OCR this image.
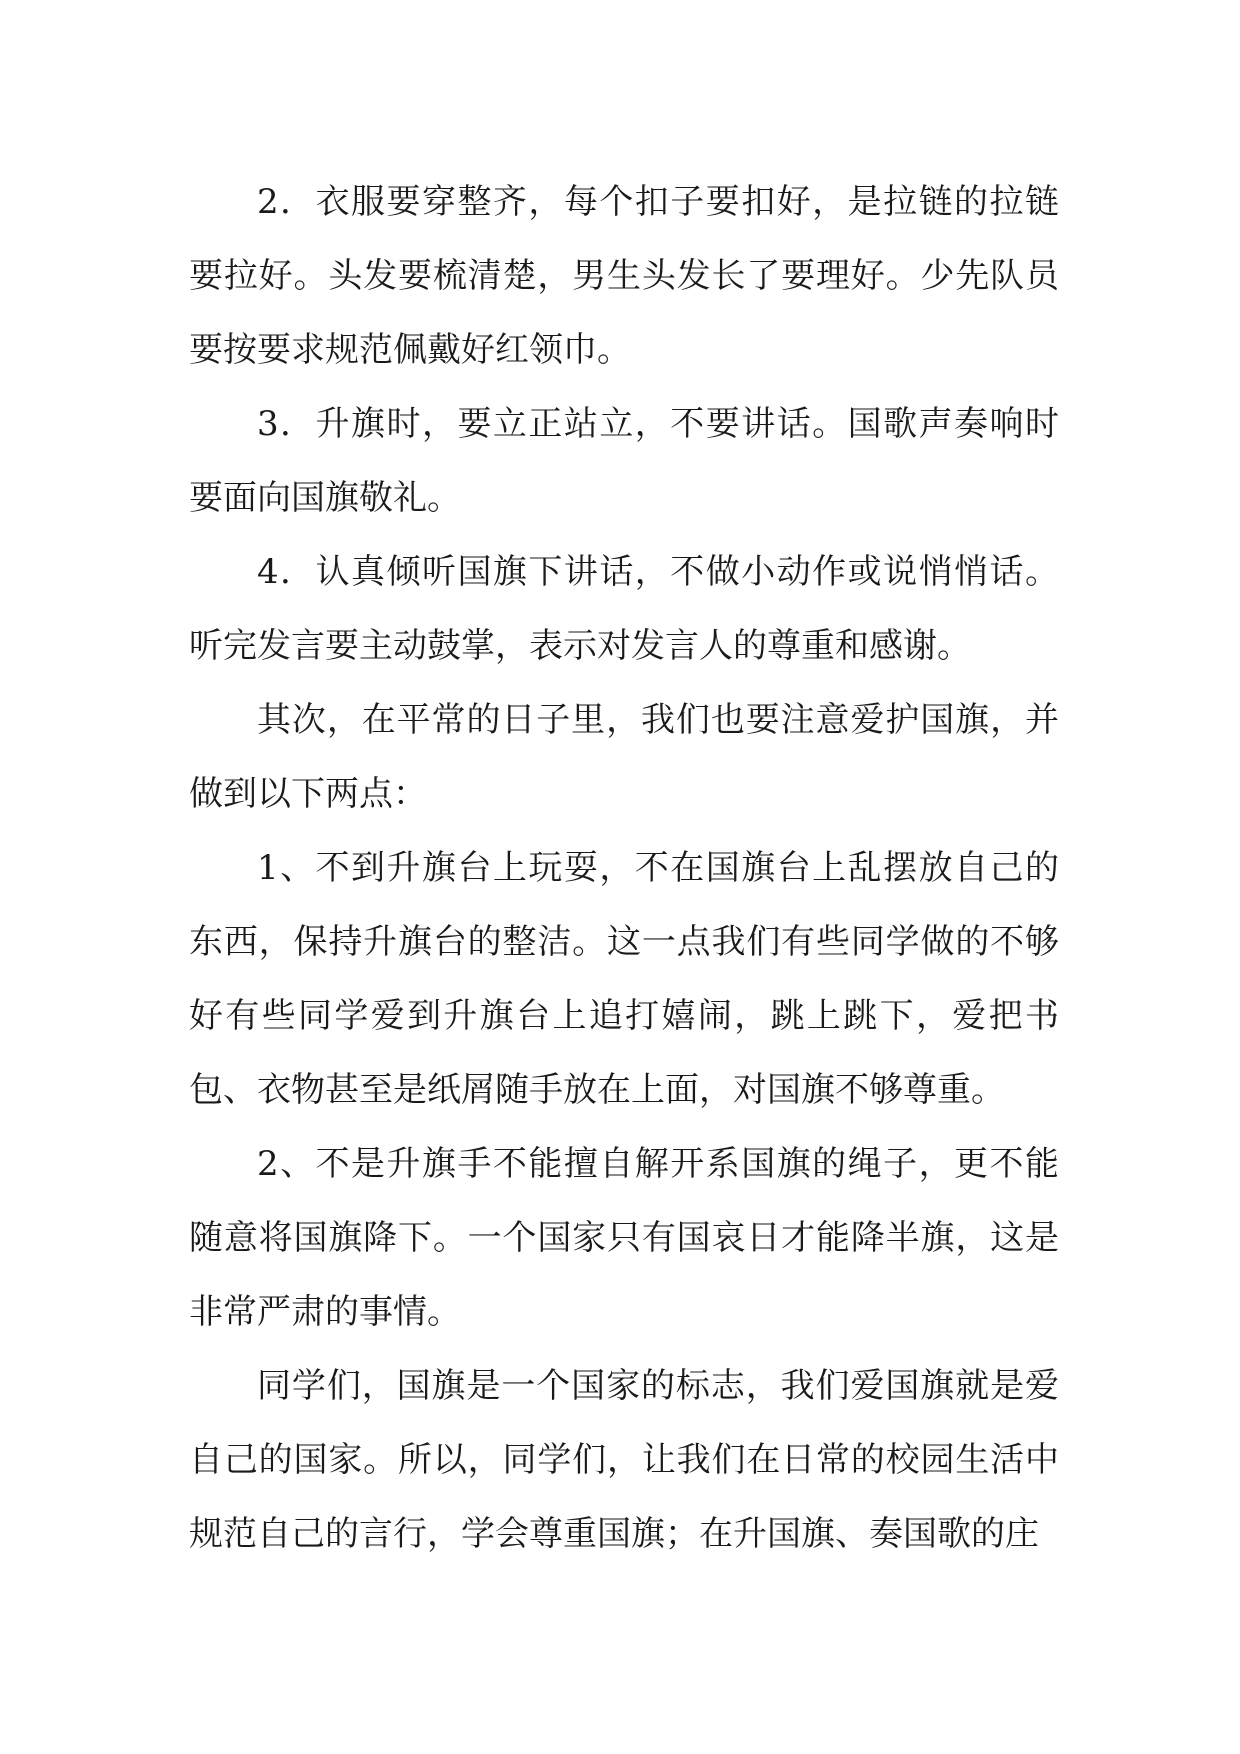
2．衣服要穿整齐，每个扣子要扣好，是拉链的拉链要拉好。头发要梳清楚，男生头发长了要理好。少先队员要按要求规范佩戴好红领巾。

3．升旗时，要立正站立，不要讲话。国歌声奏响时要面向国旗敬礼。

4．认真倾听国旗下讲话，不做小动作或说悄悄话。听完发言要主动鼓掌，表示对发言人的尊重和感谢。

其次，在平常的日子里，我们也要注意爱护国旗，并做到以下两点：

1、不到升旗台上玩耍，不在国旗台上乱摆放自己的东西，保持升旗台的整洁。这一点我们有些同学做的不够好有些同学爱到升旗台上追打嬉闹，跳上跳下，爱把书包、衣物甚至是纸屑随手放在上面，对国旗不够尊重。

2、不是升旗手不能擅自解开系国旗的绳子，更不能随意将国旗降下。一个国家只有国哀日才能降半旗，这是非常严肃的事情。

同学们，国旗是一个国家的标志，我们爱国旗就是爱自己的国家。所以，同学们，让我们在日常的校园生活中规范自己的言行，学会尊重国旗；在升国旗、奏国歌的庄
